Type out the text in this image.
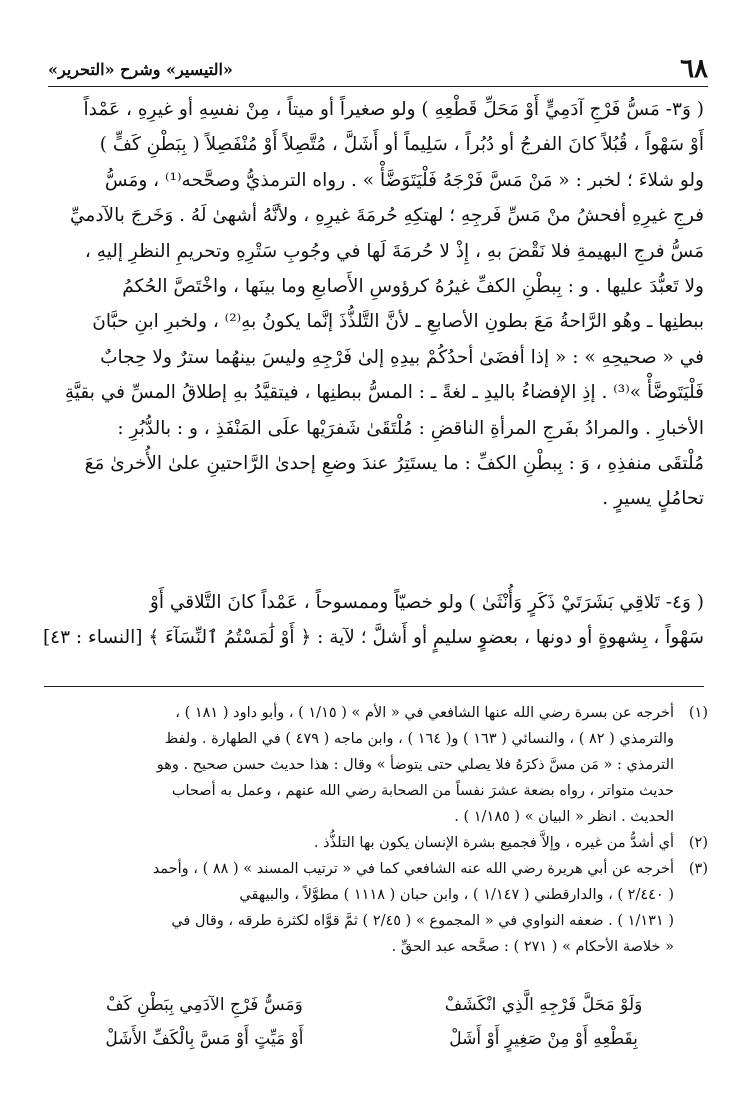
٦٨
«التيسير» وشرح «التحرير»

( وَ٣- مَسُّ فَرْجِ آدَمِيٍّ أَوْ مَحَلِّ قَطْعِهِ ) ولو صغيراً أو ميتاً ، مِنْ نفسِهِ أو غيرِهِ ، عَمْداً
أَوْ سَهْواً ، قُبُلاً كانَ الفرجُ أو دُبُراً ، سَلِيماً أو أَشَلَّ ، مُتَّصِلاً أَوْ مُنْفَصِلاً ( بِبَطْنِ كَفٍّ )
ولو شلاءَ ؛ لخبر : « مَنْ مَسَّ فَرْجَهُ فَلْيَتَوَضَّأْ » . رواه الترمذيُّ وصحَّحه⁽¹⁾ ، ومَسُّ
فرجِ غيرِهِ أفحشُ منْ مَسِّ فَرجِهِ ؛ لهتكِهِ حُرمَةَ غيرِهِ ، ولأنَّهُ أشهىٰ لَهُ . وَخَرجَ بالآدميِّ
مَسُّ فرجِ البهيمةِ فلا نَقْضَ بهِ ، إِذْ لا حُرمَةَ لَها في وجُوبِ سَتْرِهِ وتحريمِ النظرِ إليهِ ،
ولا تَعبُّدَ عليها . و : بِبطْنِ الكفِّ غيرُهُ كرؤوسِ الأَصابعِ وما بينَها ، واخْتَصَّ الحُكمُ
ببطنِها ـ وهُو الرَّاحةُ مَعَ بطونِ الأصابعِ ـ لأنَّ التَّلذُّذَ إنَّما يكونُ بهِ⁽²⁾ ، ولخبرِ ابنِ حبَّانَ
في « صحيحِهِ » : « إذا أفضَىٰ أحدُكُمْ بيدِهِ إلىٰ فَرْجِهِ وليسَ بينهُما سترٌ ولا حِجابٌ
فَلْيَتَوضَّأْ »⁽³⁾ . إذِ الإفضاءُ باليدِ ـ لغةً ـ : المسُّ ببطنِها ، فيتقيَّدُ بهِ إطلاقُ المسِّ في بقيَّةِ
الأخبارِ . والمرادُ بفَرجِ المرأةِ الناقضِ : مُلْتَقَىٰ شَفرَيْها علَى المَنْفَذِ ، و : بالدُّبُرِ :
مُلْتقَى منفذِهِ ، وَ : بِبطْنِ الكفِّ : ما يستَتِرُ عندَ وضعِ إحدىٰ الرَّاحتينِ علىٰ الأُخرىٰ مَعَ
تحامُلٍ يسيرٍ .

( وَ٤- تَلاقِي بَشَرَتَيْ ذَكَرٍ وَأُنْثَىٰ ) ولو خصيّاً وممسوحاً ، عَمْداً كانَ التَّلاقي أَوْ
سَهْواً ، بِشهوةٍ أو دونها ، بعضوٍ سليمٍ أو أَشلَّ ؛ لآية : ﴿ أَوْ لَٰمَسْتُمُ ٱلنِّسَآءَ ﴾ [النساء : ٤٣]

(١)
أخرجه عن بسرة رضي الله عنها الشافعي في « الأم » ( ١/١٥ ) ، وأبو داود ( ١٨١ ) ،
والترمذي ( ٨٢ ) ، والنسائي ( ١٦٣ ) و( ١٦٤ ) ، وابن ماجه ( ٤٧٩ ) في الطهارة . ولفظ
الترمذي : « مَن مسَّ ذكرَهُ فلا يصلي حتى يتوضأ » وقال : هذا حديث حسن صحيح . وهو
حديث متواتر ، رواه بضعة عشرَ نفساً من الصحابة رضي الله عنهم ، وعمل به أصحاب
الحديث . انظر « البيان » ( ١/١٨٥ ) .
(٢)
أي أشدُّ من غيره ، وإلاَّ فجميع بشرة الإنسان يكون بها التلذُّذ .
(٣)
أخرجه عن أبي هريرة رضي الله عنه الشافعي كما في « ترتيب المسند » ( ٨٨ ) ، وأحمد
( ٢/٤٤٠ ) ، والدارقطني ( ١/١٤٧ ) ، وابن حبان ( ١١١٨ ) مطوَّلاً ، والبيهقي
( ١/١٣١ ) . ضعفه النواوي في « المجموع » ( ٢/٤٥ ) ثمَّ قوَّاه لكثرة طرقه ، وقال في
« خلاصة الأحكام » ( ٢٧١ ) : صحَّحه عبد الحقِّ .
وَلَوْ مَحَلَّ فَرْجِهِ الَّذِي انْكَشَفْ
وَمَسُّ فَرْجِ الآدَمِي بِبَطْنِ كَفْ
بِقَطْعِهِ أَوْ مِنْ صَغِيرٍ أَوْ أَشَلْ
أَوْ مَيِّتٍ أَوْ مَسَّ بِالْكَفِّ الأَشَلْ
